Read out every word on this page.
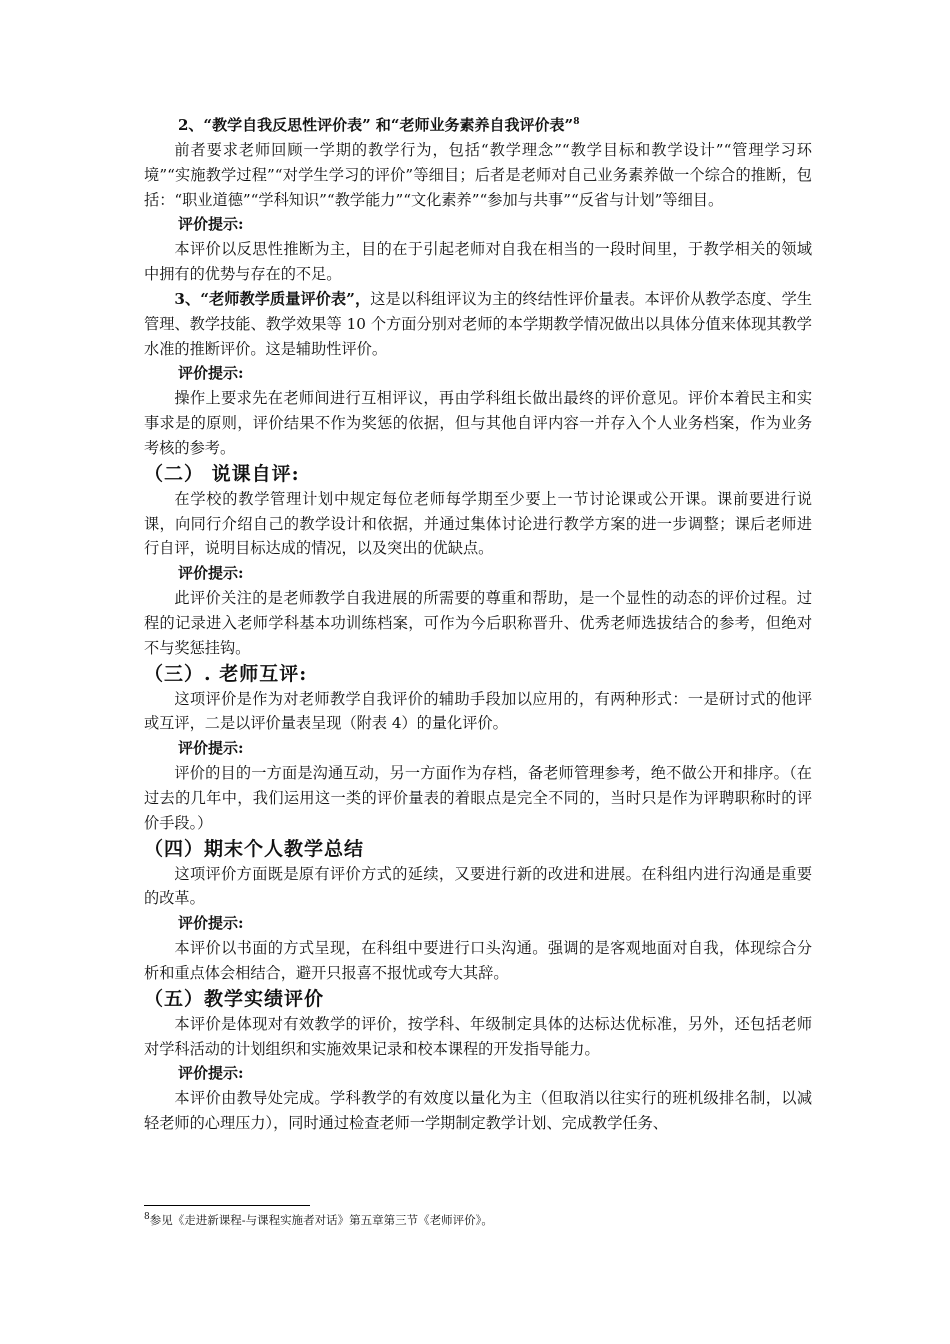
2、“教学自我反思性评价表” 和“老师业务素养自我评价表”$^8$

前者要求老师回顾一学期的教学行为，包括“教学理念”“教学目标和教学设计”“管理学习环境”“实施教学过程”“对学生学习的评价”等细目；后者是老师对自己业务素养做一个综合的推断，包括：“职业道德”“学科知识”“教学能力”“文化素养”“参加与共事”“反省与计划”等细目。

评价提示:

本评价以反思性推断为主，目的在于引起老师对自我在相当的一段时间里，于教学相关的领域中拥有的优势与存在的不足。

3、“老师教学质量评价表”，这是以科组评议为主的终结性评价量表。本评价从教学态度、学生管理、教学技能、教学效果等 10 个方面分别对老师的本学期教学情况做出以具体分值来体现其教学水准的推断评价。这是辅助性评价。

评价提示:

操作上要求先在老师间进行互相评议，再由学科组长做出最终的评价意见。评价本着民主和实事求是的原则，评价结果不作为奖惩的依据，但与其他自评内容一并存入个人业务档案，作为业务考核的参考。

（二） 说课自评:

在学校的教学管理计划中规定每位老师每学期至少要上一节讨论课或公开课。课前要进行说课，向同行介绍自己的教学设计和依据，并通过集体讨论进行教学方案的进一步调整；课后老师进行自评，说明目标达成的情况，以及突出的优缺点。

评价提示:

此评价关注的是老师教学自我进展的所需要的尊重和帮助，是一个显性的动态的评价过程。过程的记录进入老师学科基本功训练档案，可作为今后职称晋升、优秀老师选拔结合的参考，但绝对不与奖惩挂钩。

（三）. 老师互评:

这项评价是作为对老师教学自我评价的辅助手段加以应用的，有两种形式：一是研讨式的他评或互评，二是以评价量表呈现（附表 4）的量化评价。

评价提示:

评价的目的一方面是沟通互动，另一方面作为存档，备老师管理参考，绝不做公开和排序。（在过去的几年中，我们运用这一类的评价量表的着眼点是完全不同的，当时只是作为评聘职称时的评价手段。）

（四）期末个人教学总结

这项评价方面既是原有评价方式的延续，又要进行新的改进和进展。在科组内进行沟通是重要的改革。

评价提示:

本评价以书面的方式呈现，在科组中要进行口头沟通。强调的是客观地面对自我，体现综合分析和重点体会相结合，避开只报喜不报忧或夸大其辞。

（五）教学实绩评价

本评价是体现对有效教学的评价，按学科、年级制定具体的达标达优标准，另外，还包括老师对学科活动的计划组织和实施效果记录和校本课程的开发指导能力。

评价提示:

本评价由教导处完成。学科教学的有效度以量化为主（但取消以往实行的班机级排名制，以减轻老师的心理压力），同时通过检查老师一学期制定教学计划、完成教学任务、

$^8$参见《走进新课程-与课程实施者对话》第五章第三节《老师评价》。
